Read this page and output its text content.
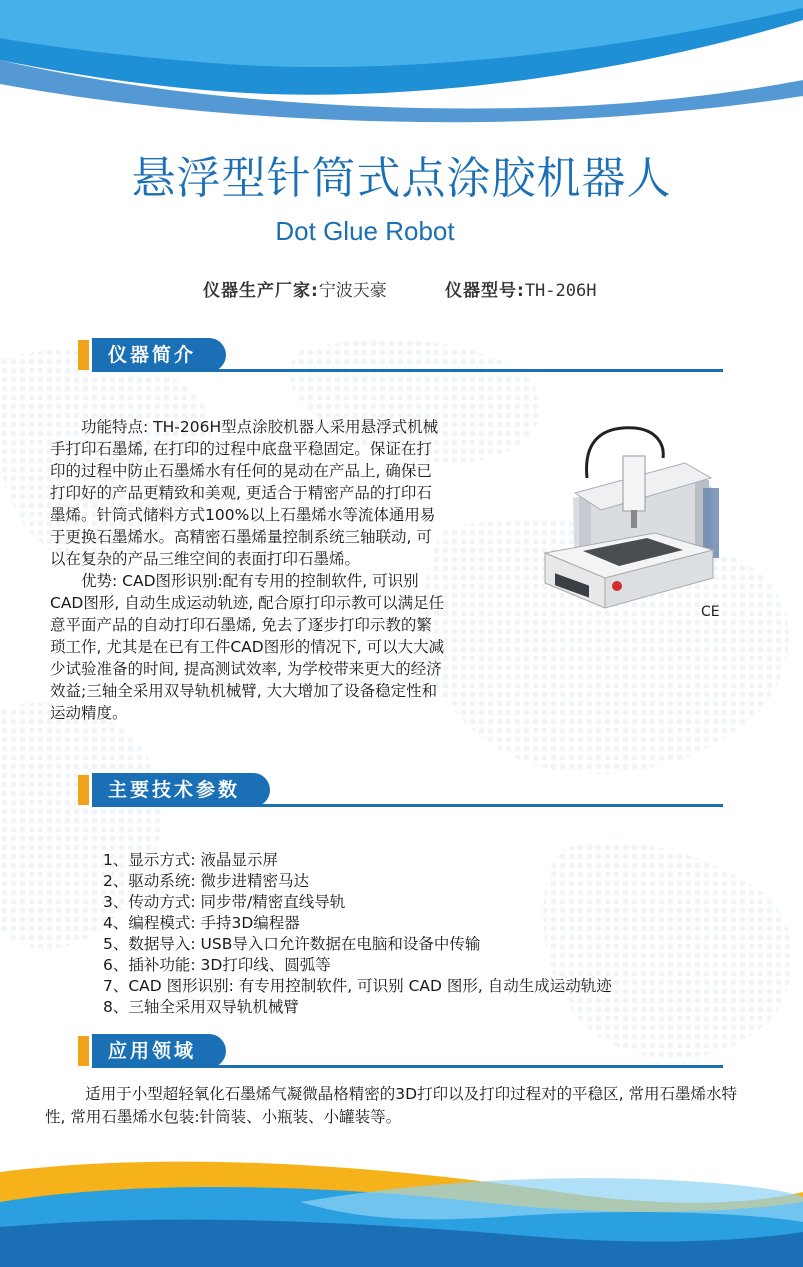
悬浮型针筒式点涂胶机器人
Dot Glue Robot
仪器生产厂家:宁波天豪	仪器型号:TH-206H
仪器简介

功能特点: TH-206H型点涂胶机器人采用悬浮式机械手打印石墨烯, 在打印的过程中底盘平稳固定。保证在打印的过程中防止石墨烯水有任何的晃动在产品上, 确保已打印好的产品更精致和美观, 更适合于精密产品的打印石墨烯。针筒式储料方式100%以上石墨烯水等流体通用易于更换石墨烯水。高精密石墨烯量控制系统三轴联动, 可以在复杂的产品三维空间的表面打印石墨烯。

优势: CAD图形识别:配有专用的控制软件, 可识别CAD图形, 自动生成运动轨迹, 配合原打印示教可以满足任意平面产品的自动打印石墨烯, 免去了逐步打印示教的繁琐工作, 尤其是在已有工件CAD图形的情况下, 可以大大减少试验准备的时间, 提高测试效率, 为学校带来更大的经济效益;三轴全采用双导轨机械臂, 大大增加了设备稳定性和运动精度。

CE
主要技术参数
1、显示方式: 液晶显示屏
2、驱动系统: 微步进精密马达
3、传动方式: 同步带/精密直线导轨
4、编程模式: 手持3D编程器
5、数据导入: USB导入口允许数据在电脑和设备中传输
6、插补功能: 3D打印线、圆弧等
7、CAD 图形识别: 有专用控制软件, 可识别 CAD 图形, 自动生成运动轨迹
8、三轴全采用双导轨机械臂
应用领域

适用于小型超轻氧化石墨烯气凝微晶格精密的3D打印以及打印过程对的平稳区, 常用石墨烯水特性, 常用石墨烯水包装:针筒装、小瓶装、小罐装等。
